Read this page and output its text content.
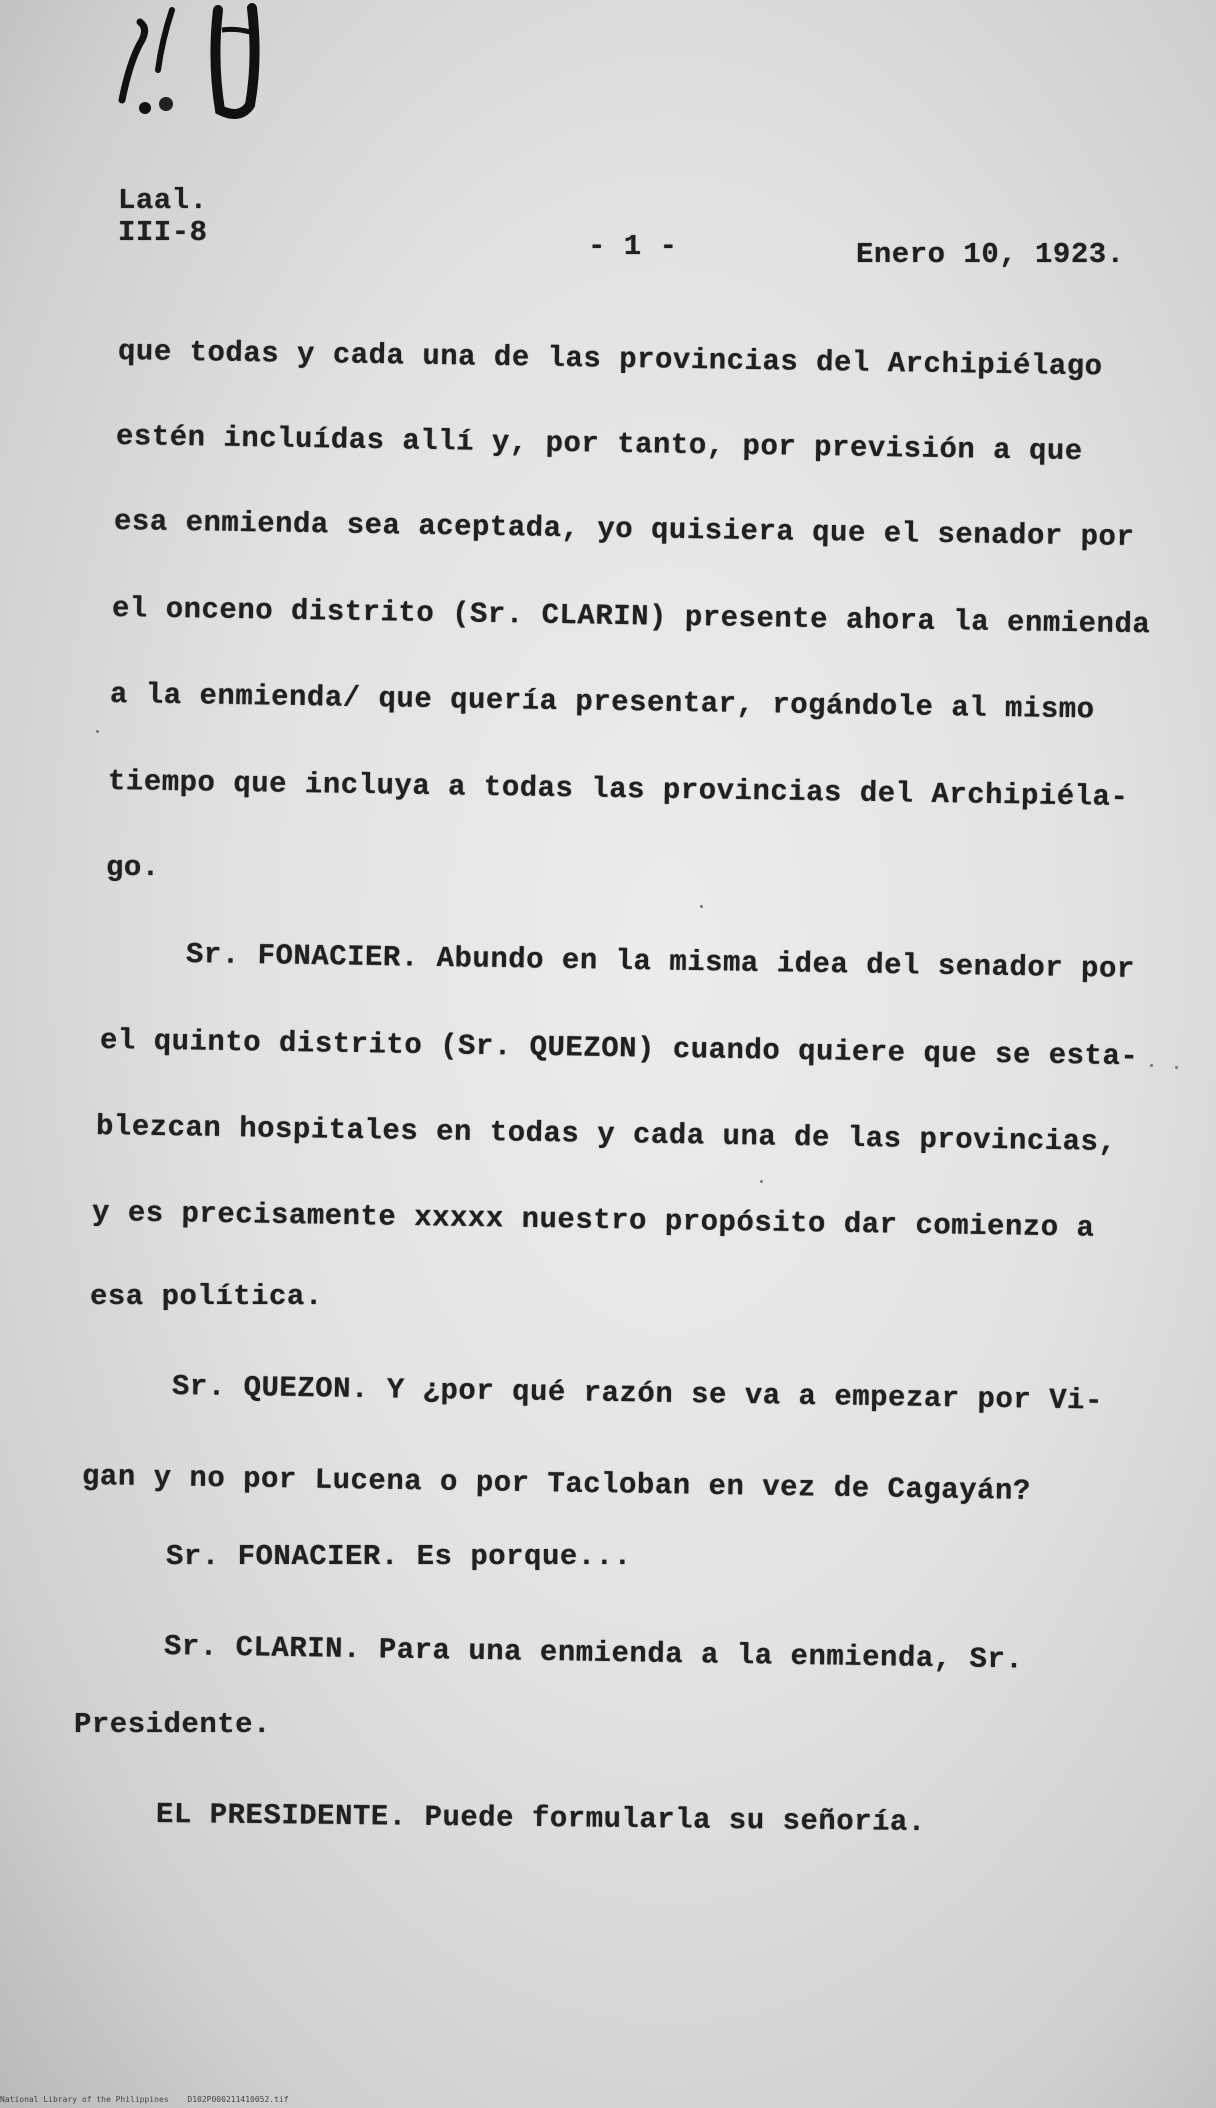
Laal.

III-8	- 1 -	Enero 10, 1923.

que todas y cada una de las provincias del Archipiélago

estén incluídas allí y, por tanto, por previsión a que

esa enmienda sea aceptada, yo quisiera que el senador por

el onceno distrito (Sr. CLARIN) presente ahora la enmienda

a la enmienda/ que quería presentar, rogándole al mismo

tiempo que incluya a todas las provincias del Archipiéla-

go.

Sr. FONACIER. Abundo en la misma idea del senador por

el quinto distrito (Sr. QUEZON) cuando quiere que se esta-

blezcan hospitales en todas y cada una de las provincias,

y es precisamente xxxxx nuestro propósito dar comienzo a

esa política.

Sr. QUEZON. Y ¿por qué razón se va a empezar por Vi-

gan y no por Lucena o por Tacloban en vez de Cagayán?

Sr. FONACIER. Es porque...

Sr. CLARIN. Para una enmienda a la enmienda, Sr.

Presidente.

EL PRESIDENTE. Puede formularla su señoría.

National Library of the Philippines D102P000211410052.tif
